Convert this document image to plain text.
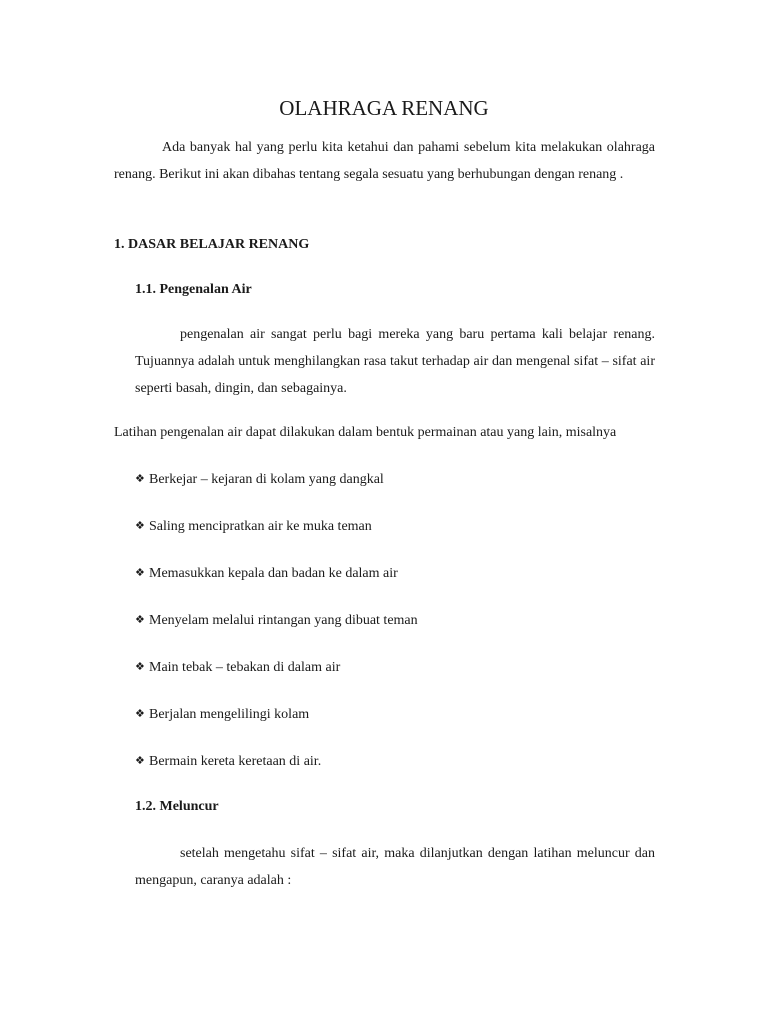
OLAHRAGA RENANG

Ada banyak hal yang perlu kita ketahui dan pahami sebelum kita melakukan olahraga renang. Berikut ini akan dibahas tentang segala sesuatu yang berhubungan dengan renang .

1. DASAR BELAJAR RENANG
1.1. Pengenalan Air

pengenalan air sangat perlu bagi mereka yang baru pertama kali belajar renang. Tujuannya adalah untuk menghilangkan rasa takut terhadap air dan mengenal sifat – sifat air seperti basah, dingin, dan sebagainya.

Latihan pengenalan air dapat dilakukan dalam bentuk permainan atau yang lain, misalnya

❖ Berkejar – kejaran di kolam yang dangkal
❖ Saling mencipratkan air ke muka teman
❖ Memasukkan kepala dan badan ke dalam air
❖ Menyelam melalui rintangan yang dibuat teman
❖ Main tebak – tebakan di dalam air
❖ Berjalan mengelilingi kolam
❖ Bermain kereta keretaan di air.
1.2. Meluncur

setelah mengetahu sifat – sifat air, maka dilanjutkan dengan latihan meluncur dan mengapun, caranya adalah :
